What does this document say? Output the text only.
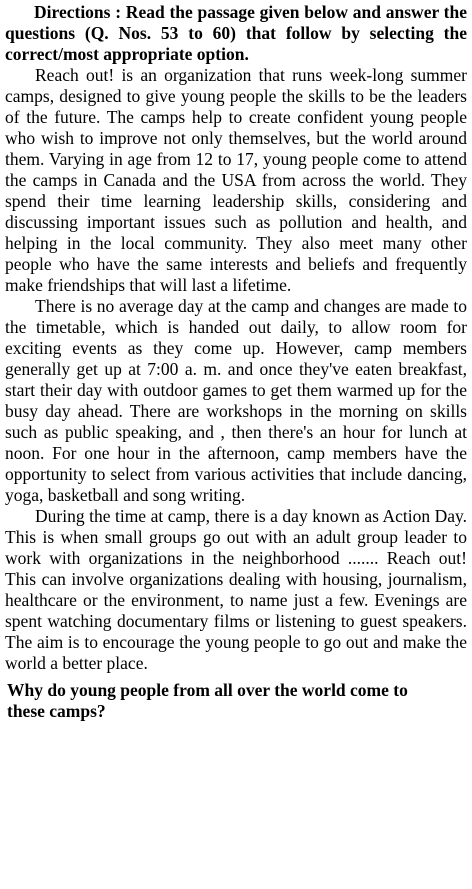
Directions : Read the passage given below and answer the questions (Q. Nos. 53 to 60) that follow by selecting the correct/most appropriate option.

Reach out! is an organization that runs week-long summer camps, designed to give young people the skills to be the leaders of the future. The camps help to create confident young people who wish to improve not only themselves, but the world around them. Varying in age from 12 to 17, young people come to attend the camps in Canada and the USA from across the world. They spend their time learning leadership skills, considering and discussing important issues such as pollution and health, and helping in the local community. They also meet many other people who have the same interests and beliefs and frequently make friendships that will last a lifetime.

There is no average day at the camp and changes are made to the timetable, which is handed out daily, to allow room for exciting events as they come up. However, camp members generally get up at 7:00 a. m. and once they've eaten breakfast, start their day with outdoor games to get them warmed up for the busy day ahead. There are workshops in the morning on skills such as public speaking, and , then there's an hour for lunch at noon. For one hour in the afternoon, camp members have the opportunity to select from various activities that include dancing, yoga, basketball and song writing.

During the time at camp, there is a day known as Action Day. This is when small groups go out with an adult group leader to work with organizations in the neighborhood ....... Reach out! This can involve organizations dealing with housing, journalism, healthcare or the environment, to name just a few. Evenings are spent watching documentary films or listening to guest speakers. The aim is to encourage the young people to go out and make the world a better place.

Why do young people from all over the world come to these camps?
